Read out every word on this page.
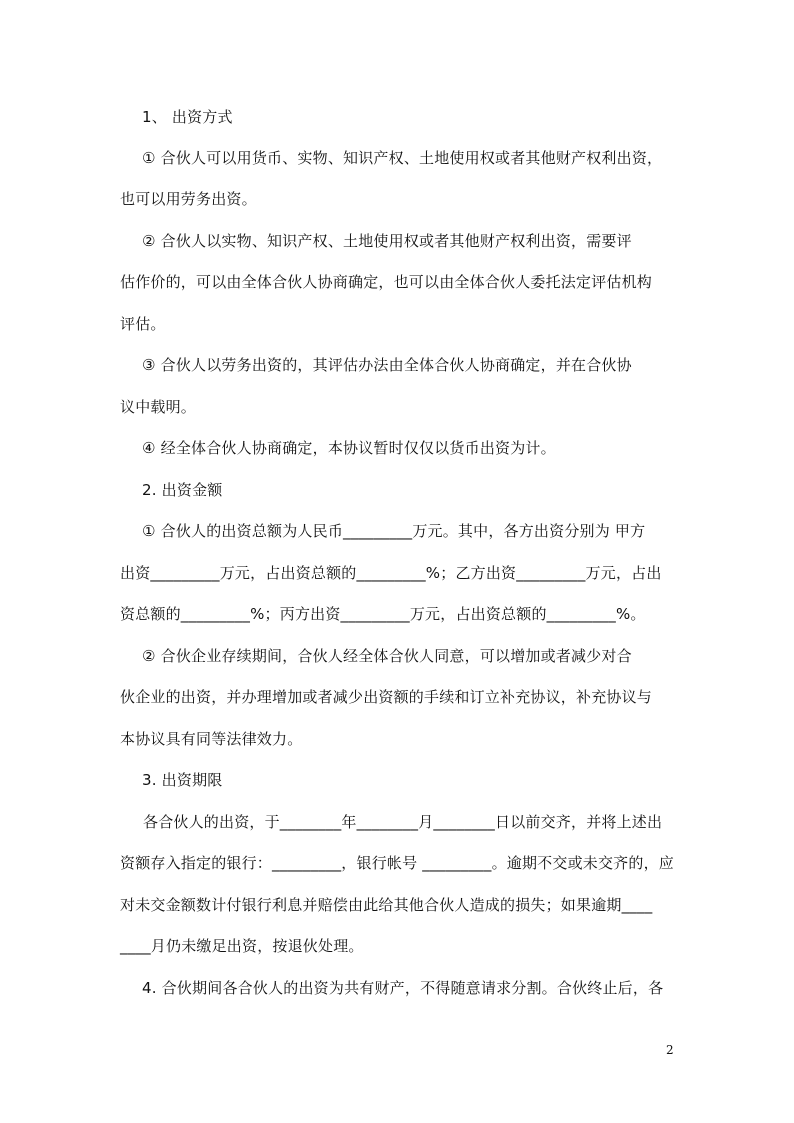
1、 出资方式
① 合伙人可以用货币、实物、知识产权、土地使用权或者其他财产权利出资，
也可以用劳务出资。
② 合伙人以实物、知识产权、土地使用权或者其他财产权利出资，需要评
估作价的，可以由全体合伙人协商确定，也可以由全体合伙人委托法定评估机构
评估。
③ 合伙人以劳务出资的，其评估办法由全体合伙人协商确定，并在合伙协
议中载明。
④ 经全体合伙人协商确定，本协议暂时仅仅以货币出资为计。
2. 出资金额
① 合伙人的出资总额为人民币_________万元。其中，各方出资分别为 甲方
出资_________万元，占出资总额的_________%；乙方出资_________万元，占出
资总额的_________%；丙方出资_________万元，占出资总额的_________%。
② 合伙企业存续期间，合伙人经全体合伙人同意，可以增加或者减少对合
伙企业的出资，并办理增加或者减少出资额的手续和订立补充协议，补充协议与
本协议具有同等法律效力。
3. 出资期限
各合伙人的出资，于________年________月________日以前交齐，并将上述出
资额存入指定的银行：_________，银行帐号 _________。逾期不交或未交齐的，应
对未交金额数计付银行利息并赔偿由此给其他合伙人造成的损失；如果逾期____
____月仍未缴足出资，按退伙处理。
4. 合伙期间各合伙人的出资为共有财产，不得随意请求分割。合伙终止后，各
2
